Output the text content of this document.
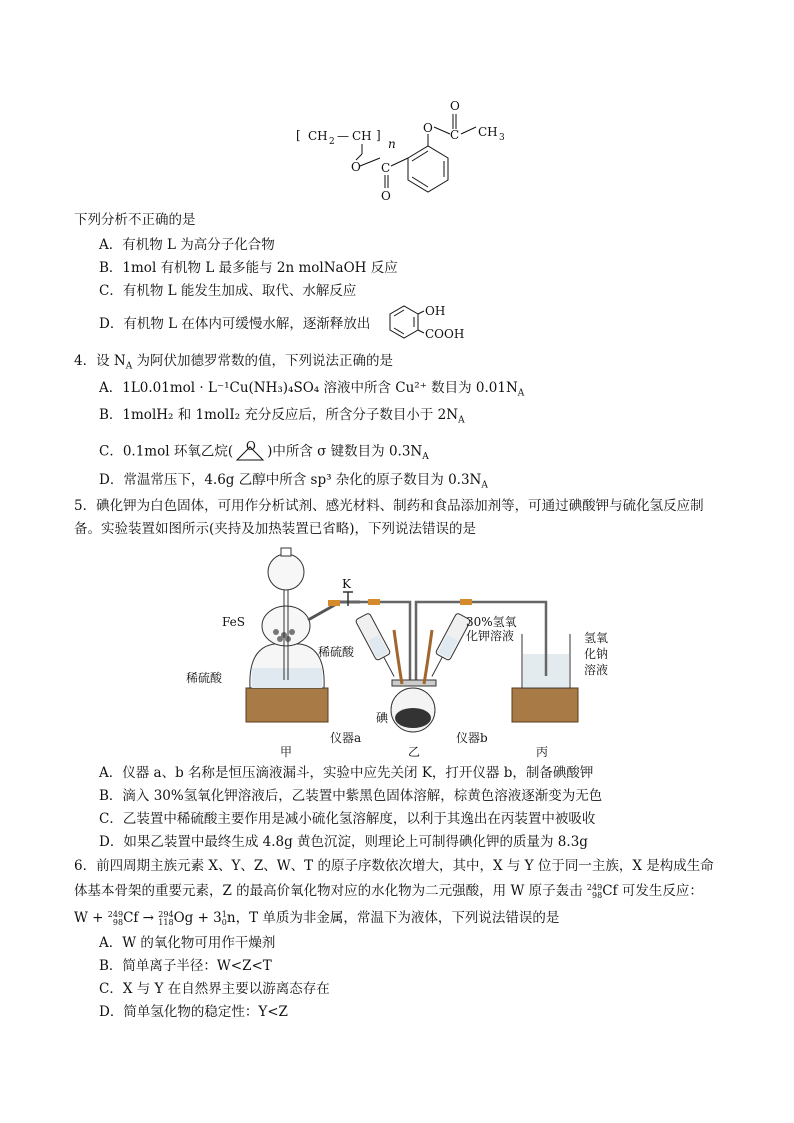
[ CH 2 — CH ]
n
O C
O
O C
O
CH 3
下列分析不正确的是
A．有机物 L 为高分子化合物
B．1mol 有机物 L 最多能与 2n molNaOH 反应
C．有机物 L 能发生加成、取代、水解反应
D．有机物 L 在体内可缓慢水解，逐渐释放出
OH
COOH
4．设 $N_A$ 为阿伏加德罗常数的值，下列说法正确的是
A．1L0.01mol · L⁻¹Cu(NH₃)₄SO₄ 溶液中所含 Cu²⁺ 数目为 $0.01N_A$
B．1molH₂ 和 1molI₂ 充分反应后，所含分子数目小于 $2N_A$
C．0.1mol 环氧乙烷( O )中所含 σ 键数目为 $0.3N_A$
D．常温常压下，4.6g 乙醇中所含 sp³ 杂化的原子数目为 $0.3N_A$
5．碘化钾为白色固体，可用作分析试剂、感光材料、制药和食品添加剂等，可通过碘酸钾与硫化氢反应制
备。实验装置如图所示(夹持及加热装置已省略)，下列说法错误的是
FeS
K
稀硫酸
稀硫酸
30%氢氧
化钾溶液	氢氧
化钠
溶液
碘
仪器a	仪器b
甲	乙	丙
A．仪器 a、b 名称是恒压滴液漏斗，实验中应先关闭 K，打开仪器 b，制备碘酸钾
B．滴入 30%氢氧化钾溶液后，乙装置中紫黑色固体溶解，棕黄色溶液逐渐变为无色
C．乙装置中稀硫酸主要作用是减小硫化氢溶解度，以利于其逸出在丙装置中被吸收
D．如果乙装置中最终生成 4.8g 黄色沉淀，则理论上可制得碘化钾的质量为 8.3g
6．前四周期主族元素 X、Y、Z、W、T 的原子序数依次增大，其中，X 与 Y 位于同一主族，X 是构成生命
体基本骨架的重要元素，Z 的最高价氧化物对应的水化物为二元强酸，用 W 原子轰击 249
98 Cf 可发生反应：
W + 249
98 Cf → 294
118 Og + 3 1
0 n，T 单质为非金属，常温下为液体，下列说法错误的是
A．W 的氧化物可用作干燥剂
B．简单离子半径：W<Z<T
C．X 与 Y 在自然界主要以游离态存在
D．简单氢化物的稳定性：Y<Z
